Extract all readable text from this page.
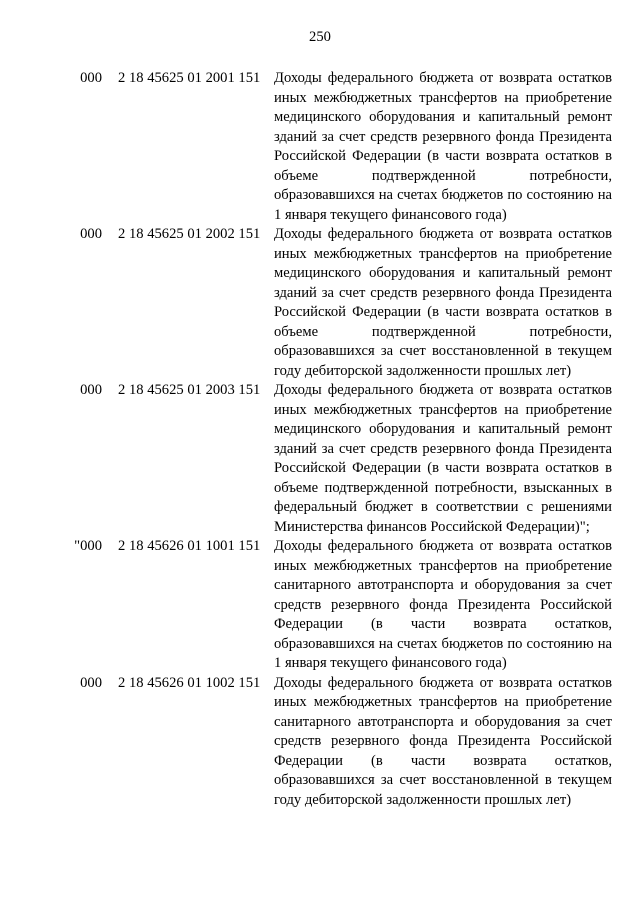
250
000 2 18 45625 01 2001 151 Доходы федерального бюджета от возврата остатков иных межбюджетных трансфертов на приобретение медицинского оборудования и капитальный ремонт зданий за счет средств резервного фонда Президента Российской Федерации (в части возврата остатков в объеме подтвержденной потребности, образовавшихся на счетах бюджетов по состоянию на 1 января текущего финансового года)
000 2 18 45625 01 2002 151 Доходы федерального бюджета от возврата остатков иных межбюджетных трансфертов на приобретение медицинского оборудования и капитальный ремонт зданий за счет средств резервного фонда Президента Российской Федерации (в части возврата остатков в объеме подтвержденной потребности, образовавшихся за счет восстановленной в текущем году дебиторской задолженности прошлых лет)
000 2 18 45625 01 2003 151 Доходы федерального бюджета от возврата остатков иных межбюджетных трансфертов на приобретение медицинского оборудования и капитальный ремонт зданий за счет средств резервного фонда Президента Российской Федерации (в части возврата остатков в объеме подтвержденной потребности, взысканных в федеральный бюджет в соответствии с решениями Министерства финансов Российской Федерации)";
"000 2 18 45626 01 1001 151 Доходы федерального бюджета от возврата остатков иных межбюджетных трансфертов на приобретение санитарного автотранспорта и оборудования за счет средств резервного фонда Президента Российской Федерации (в части возврата остатков, образовавшихся на счетах бюджетов по состоянию на 1 января текущего финансового года)
000 2 18 45626 01 1002 151 Доходы федерального бюджета от возврата остатков иных межбюджетных трансфертов на приобретение санитарного автотранспорта и оборудования за счет средств резервного фонда Президента Российской Федерации (в части возврата остатков, образовавшихся за счет восстановленной в текущем году дебиторской задолженности прошлых лет)
